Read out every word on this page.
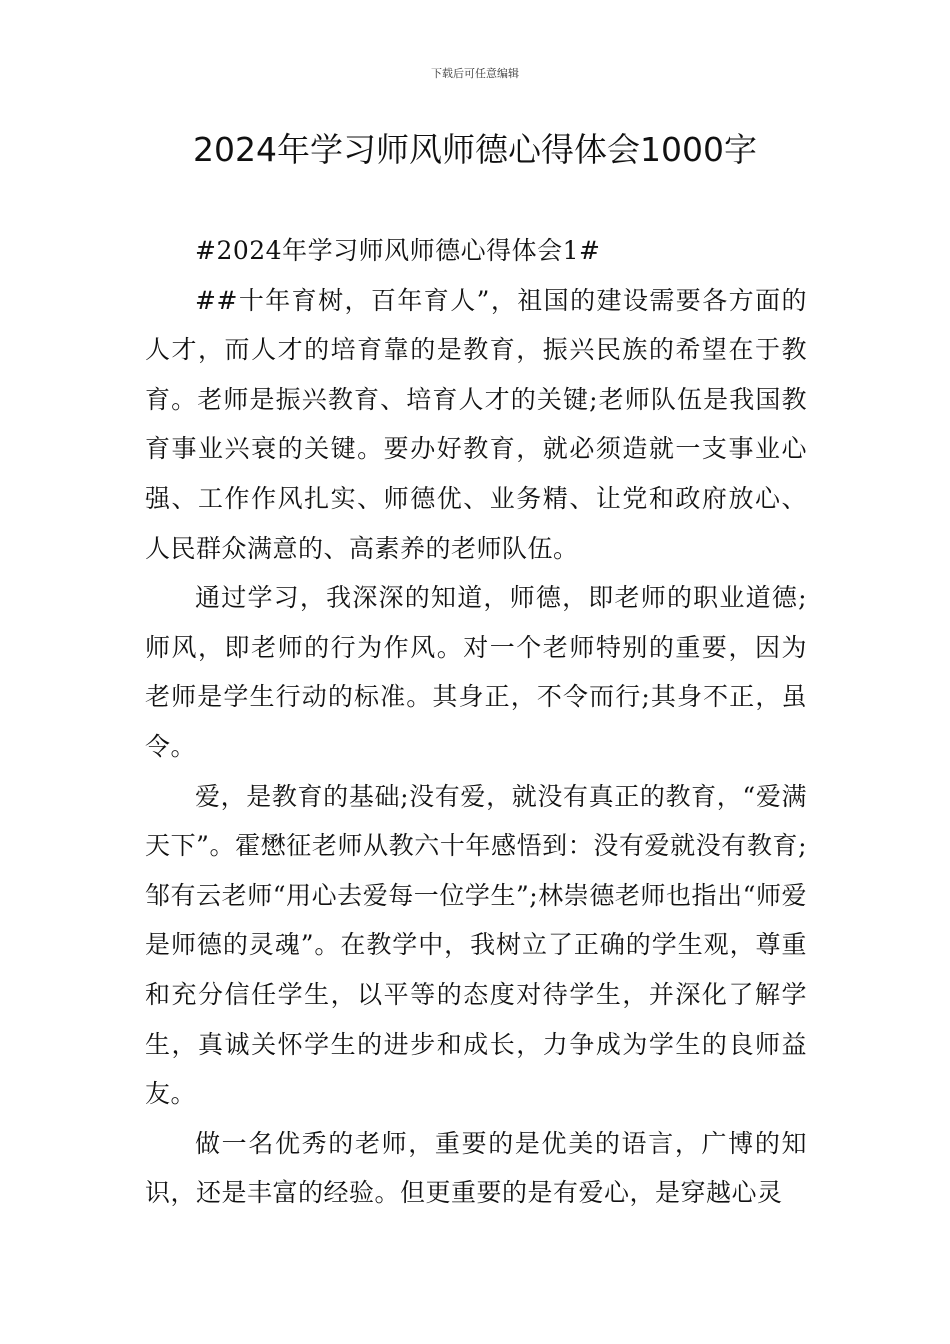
下载后可任意编辑
2024年学习师风师德心得体会1000字

#2024年学习师风师德心得体会1#

##十年育树，百年育人”，祖国的建设需要各方面的人才，而人才的培育靠的是教育，振兴民族的希望在于教育。老师是振兴教育、培育人才的关键;老师队伍是我国教育事业兴衰的关键。要办好教育，就必须造就一支事业心强、工作作风扎实、师德优、业务精、让党和政府放心、人民群众满意的、高素养的老师队伍。

通过学习，我深深的知道，师德，即老师的职业道德;师风，即老师的行为作风。对一个老师特别的重要，因为老师是学生行动的标准。其身正，不令而行;其身不正，虽令。

爱，是教育的基础;没有爱，就没有真正的教育，“爱满天下”。霍懋征老师从教六十年感悟到：没有爱就没有教育;邹有云老师“用心去爱每一位学生”;林崇德老师也指出“师爱是师德的灵魂”。在教学中，我树立了正确的学生观，尊重和充分信任学生，以平等的态度对待学生，并深化了解学生，真诚关怀学生的进步和成长，力争成为学生的良师益友。

做一名优秀的老师，重要的是优美的语言，广博的知识，还是丰富的经验。但更重要的是有爱心，是穿越心灵
